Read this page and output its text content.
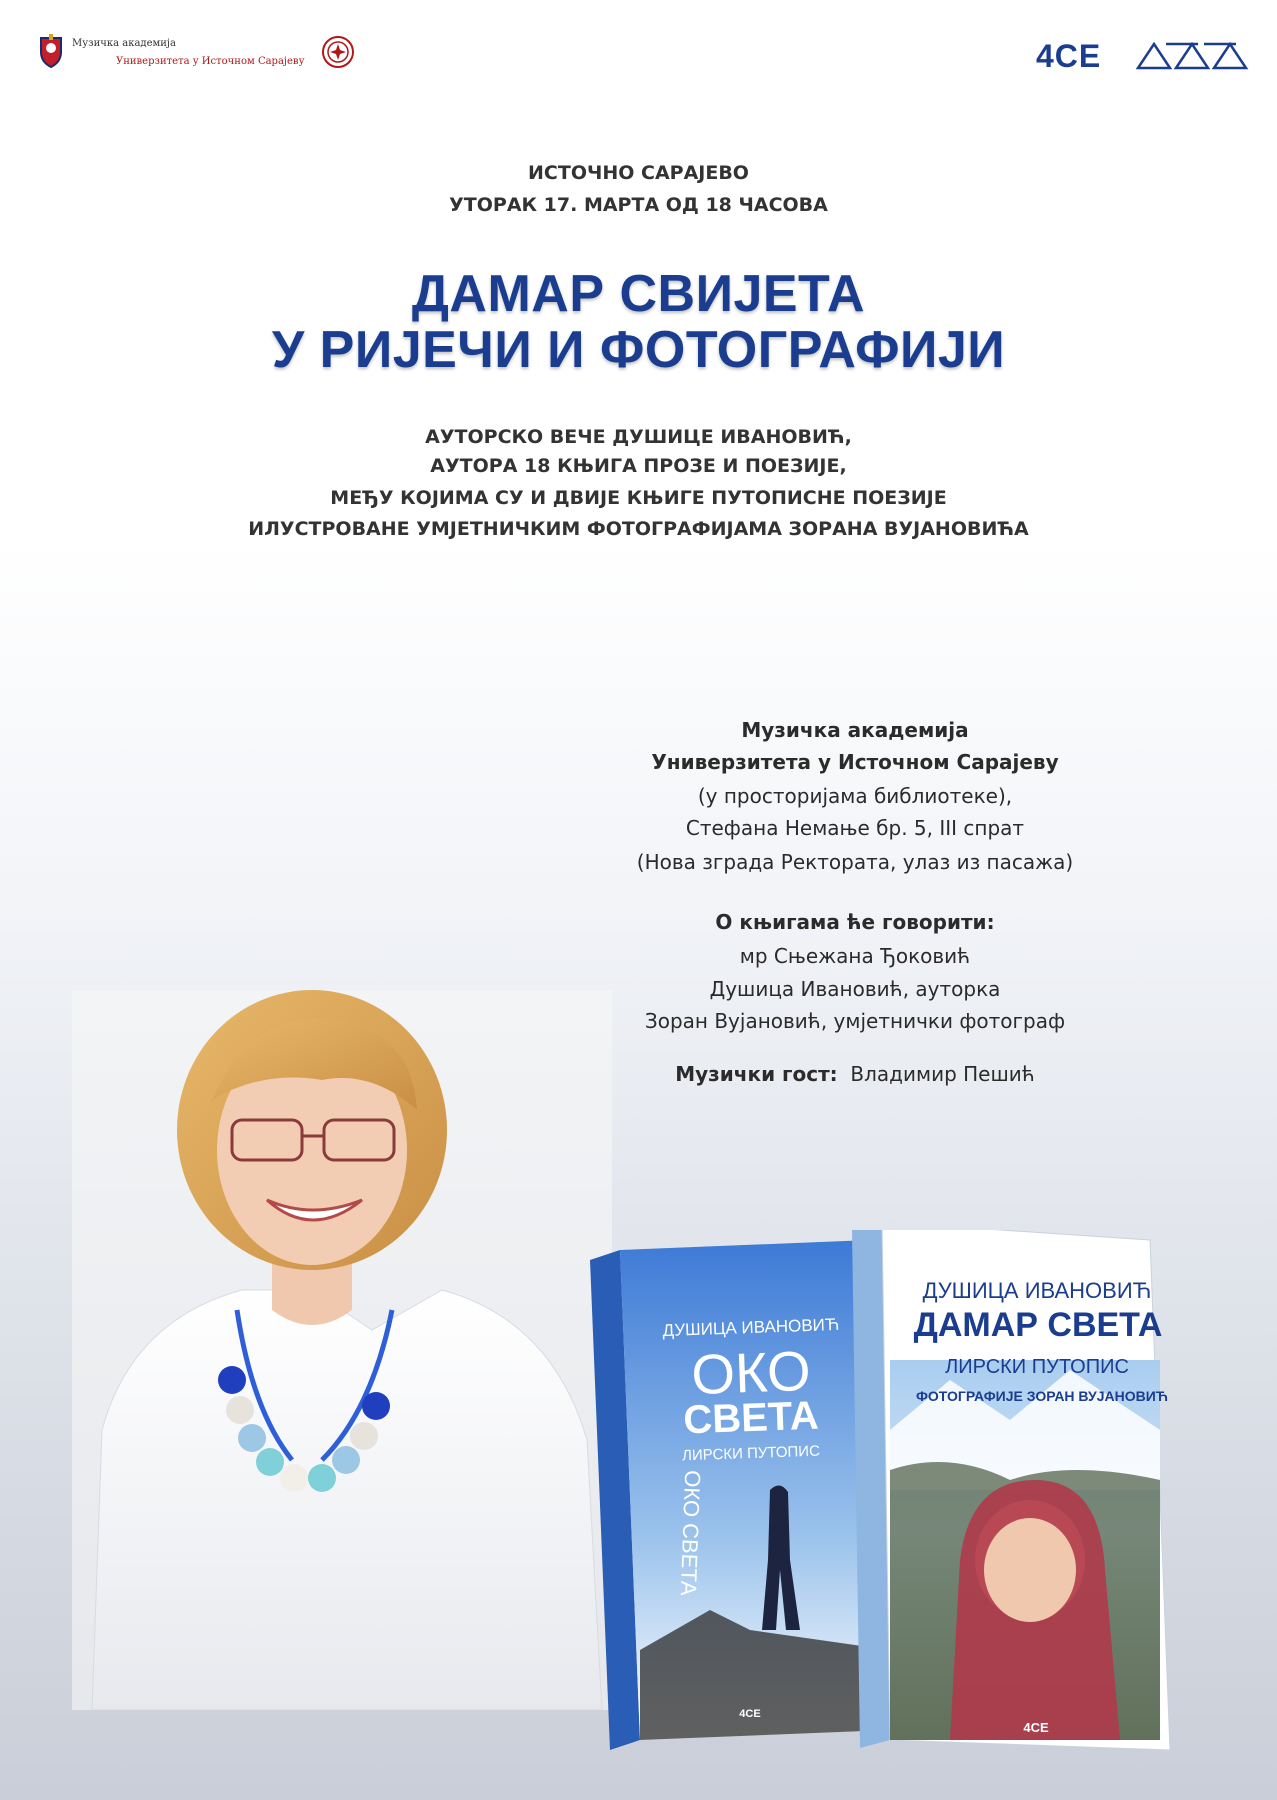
Музичка академија
Универзитета у Источном Сарајеву	4CE
ИСТОЧНО САРАЈЕВО
УТОРАК 17. МАРТА ОД 18 ЧАСОВА
ДАМАР СВИЈЕТА
У РИЈЕЧИ И ФОТОГРАФИЈИ
АУТОРСКО ВЕЧЕ ДУШИЦЕ ИВАНОВИЋ,
АУТОРА 18 КЊИГА ПРОЗЕ И ПОЕЗИЈЕ,
МЕЂУ КОЈИМА СУ И ДВИЈЕ КЊИГЕ ПУТОПИСНЕ ПОЕЗИЈЕ
ИЛУСТРОВАНЕ УМЈЕТНИЧКИМ ФОТОГРАФИЈАМА ЗОРАНА ВУЈАНОВИЋА
Музичка академија
Универзитета у Источном Сарајеву
(у просторијама библиотеке),
Стефана Немање бр. 5, III спрат
(Нова зграда Ректората, улаз из пасажа)
О књигама ће говорити:
мр Сњежана Ђоковић
Душица Ивановић, ауторка
Зоран Вујановић, умјетнички фотограф
Музички гост: Владимир Пешић
ДУШИЦА ИВАНОВИЋ
ОКО
СВЕТА
ЛИРСКИ ПУТОПИС
ОКО СВЕТА
4CE
ДУШИЦА ИВАНОВИЋ
ДАМАР СВЕТА
ЛИРСКИ ПУТОПИС
ФОТОГРАФИЈЕ ЗОРАН ВУЈАНОВИЋ
4CE
